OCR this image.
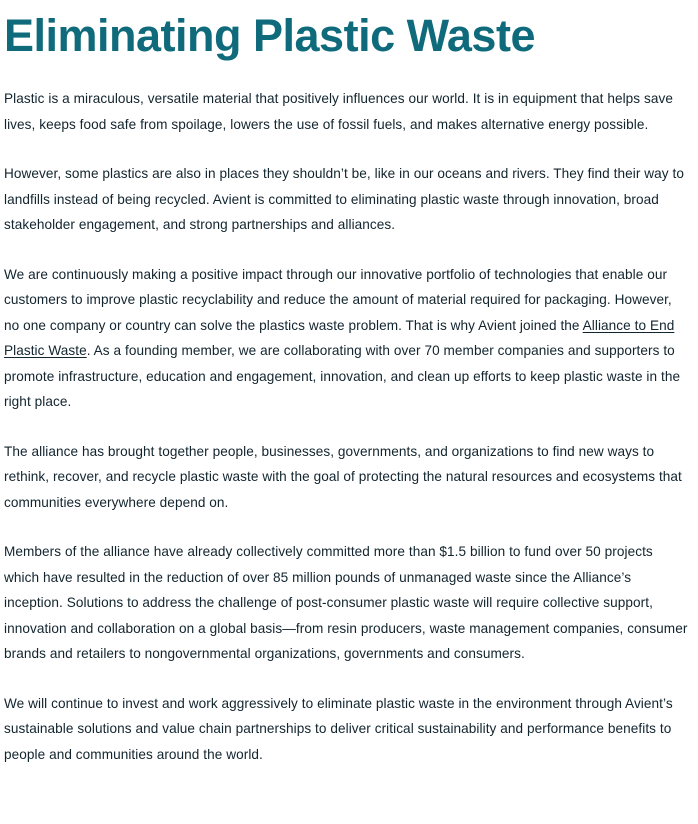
Eliminating Plastic Waste

Plastic is a miraculous, versatile material that positively influences our world. It is in equipment that helps save lives, keeps food safe from spoilage, lowers the use of fossil fuels, and makes alternative energy possible.

However, some plastics are also in places they shouldn’t be, like in our oceans and rivers. They find their way to landfills instead of being recycled. Avient is committed to eliminating plastic waste through innovation, broad stakeholder engagement, and strong partnerships and alliances.

We are continuously making a positive impact through our innovative portfolio of technologies that enable our customers to improve plastic recyclability and reduce the amount of material required for packaging. However, no one company or country can solve the plastics waste problem. That is why Avient joined the Alliance to End Plastic Waste. As a founding member, we are collaborating with over 70 member companies and supporters to promote infrastructure, education and engagement, innovation, and clean up efforts to keep plastic waste in the right place.

The alliance has brought together people, businesses, governments, and organizations to find new ways to rethink, recover, and recycle plastic waste with the goal of protecting the natural resources and ecosystems that communities everywhere depend on.

Members of the alliance have already collectively committed more than $1.5 billion to fund over 50 projects which have resulted in the reduction of over 85 million pounds of unmanaged waste since the Alliance’s inception. Solutions to address the challenge of post-consumer plastic waste will require collective support, innovation and collaboration on a global basis—from resin producers, waste management companies, consumer brands and retailers to nongovernmental organizations, governments and consumers.

We will continue to invest and work aggressively to eliminate plastic waste in the environment through Avient’s sustainable solutions and value chain partnerships to deliver critical sustainability and performance benefits to people and communities around the world.
